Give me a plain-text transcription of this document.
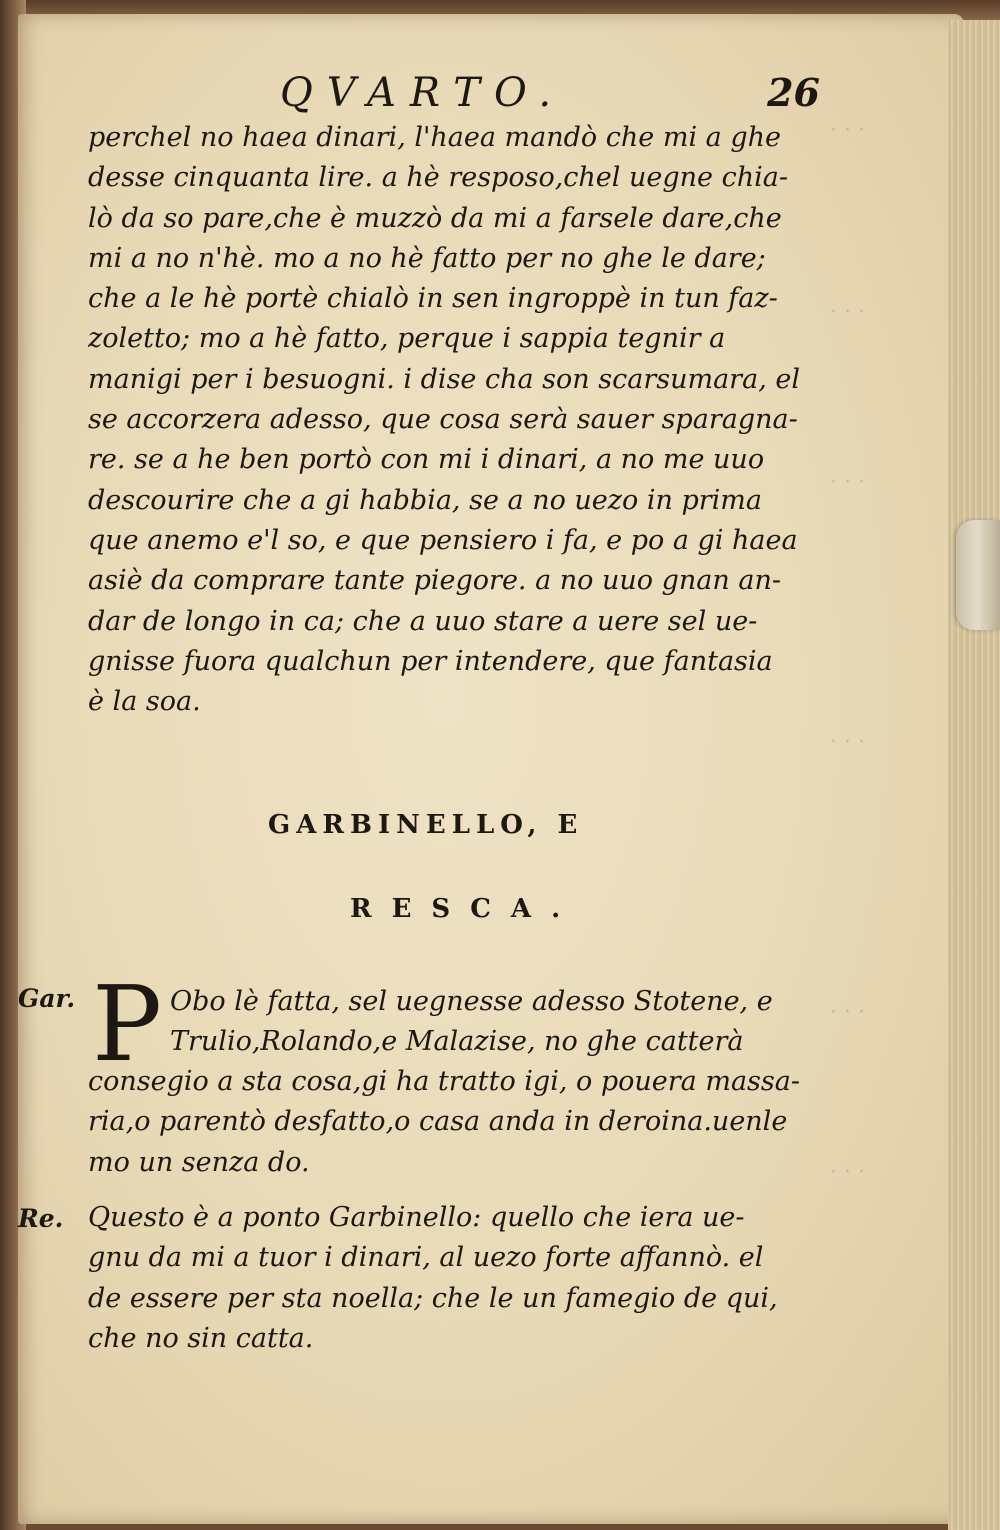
· · ·
· · ·
· · ·
· · ·
· · ·
· · ·
QVARTO.	26
perchel no haea dinari, l'haea mandò che mi a ghe
desse cinquanta lire. a hè resposo,chel uegne chia-
lò da so pare,che è muzzò da mi a farsele dare,che
mi a no n'hè. mo a no hè fatto per no ghe le dare;
che a le hè portè chialò in sen ingroppè in tun faz-
zoletto; mo a hè fatto, perque i sappia tegnir a
manigi per i besuogni. i dise cha son scarsumara, el
se accorzera adesso, que cosa serà sauer sparagna-
re. se a he ben portò con mi i dinari, a no me uuo
descourire che a gi habbia, se a no uezo in prima
que anemo e'l so, e que pensiero i fa, e po a gi haea
asiè da comprare tante piegore. a no uuo gnan an-
dar de longo in ca; che a uuo stare a uere sel ue-
gnisse fuora qualchun per intendere, que fantasia
è la soa.
GARBINELLO, E
RESCA.
Gar. P Obo lè fatta, sel uegnesse adesso Stotene, e
Trulio,Rolando,e Malazise, no ghe catterà
consegio a sta cosa,gi ha tratto igi, o pouera massa-
ria,o parentò desfatto,o casa anda in deroina.uenle
mo un senza do.
Re. Questo è a ponto Garbinello: quello che iera ue-
gnu da mi a tuor i dinari, al uezo forte affannò. el
de essere per sta noella; che le un famegio de qui,
che no sin catta.
